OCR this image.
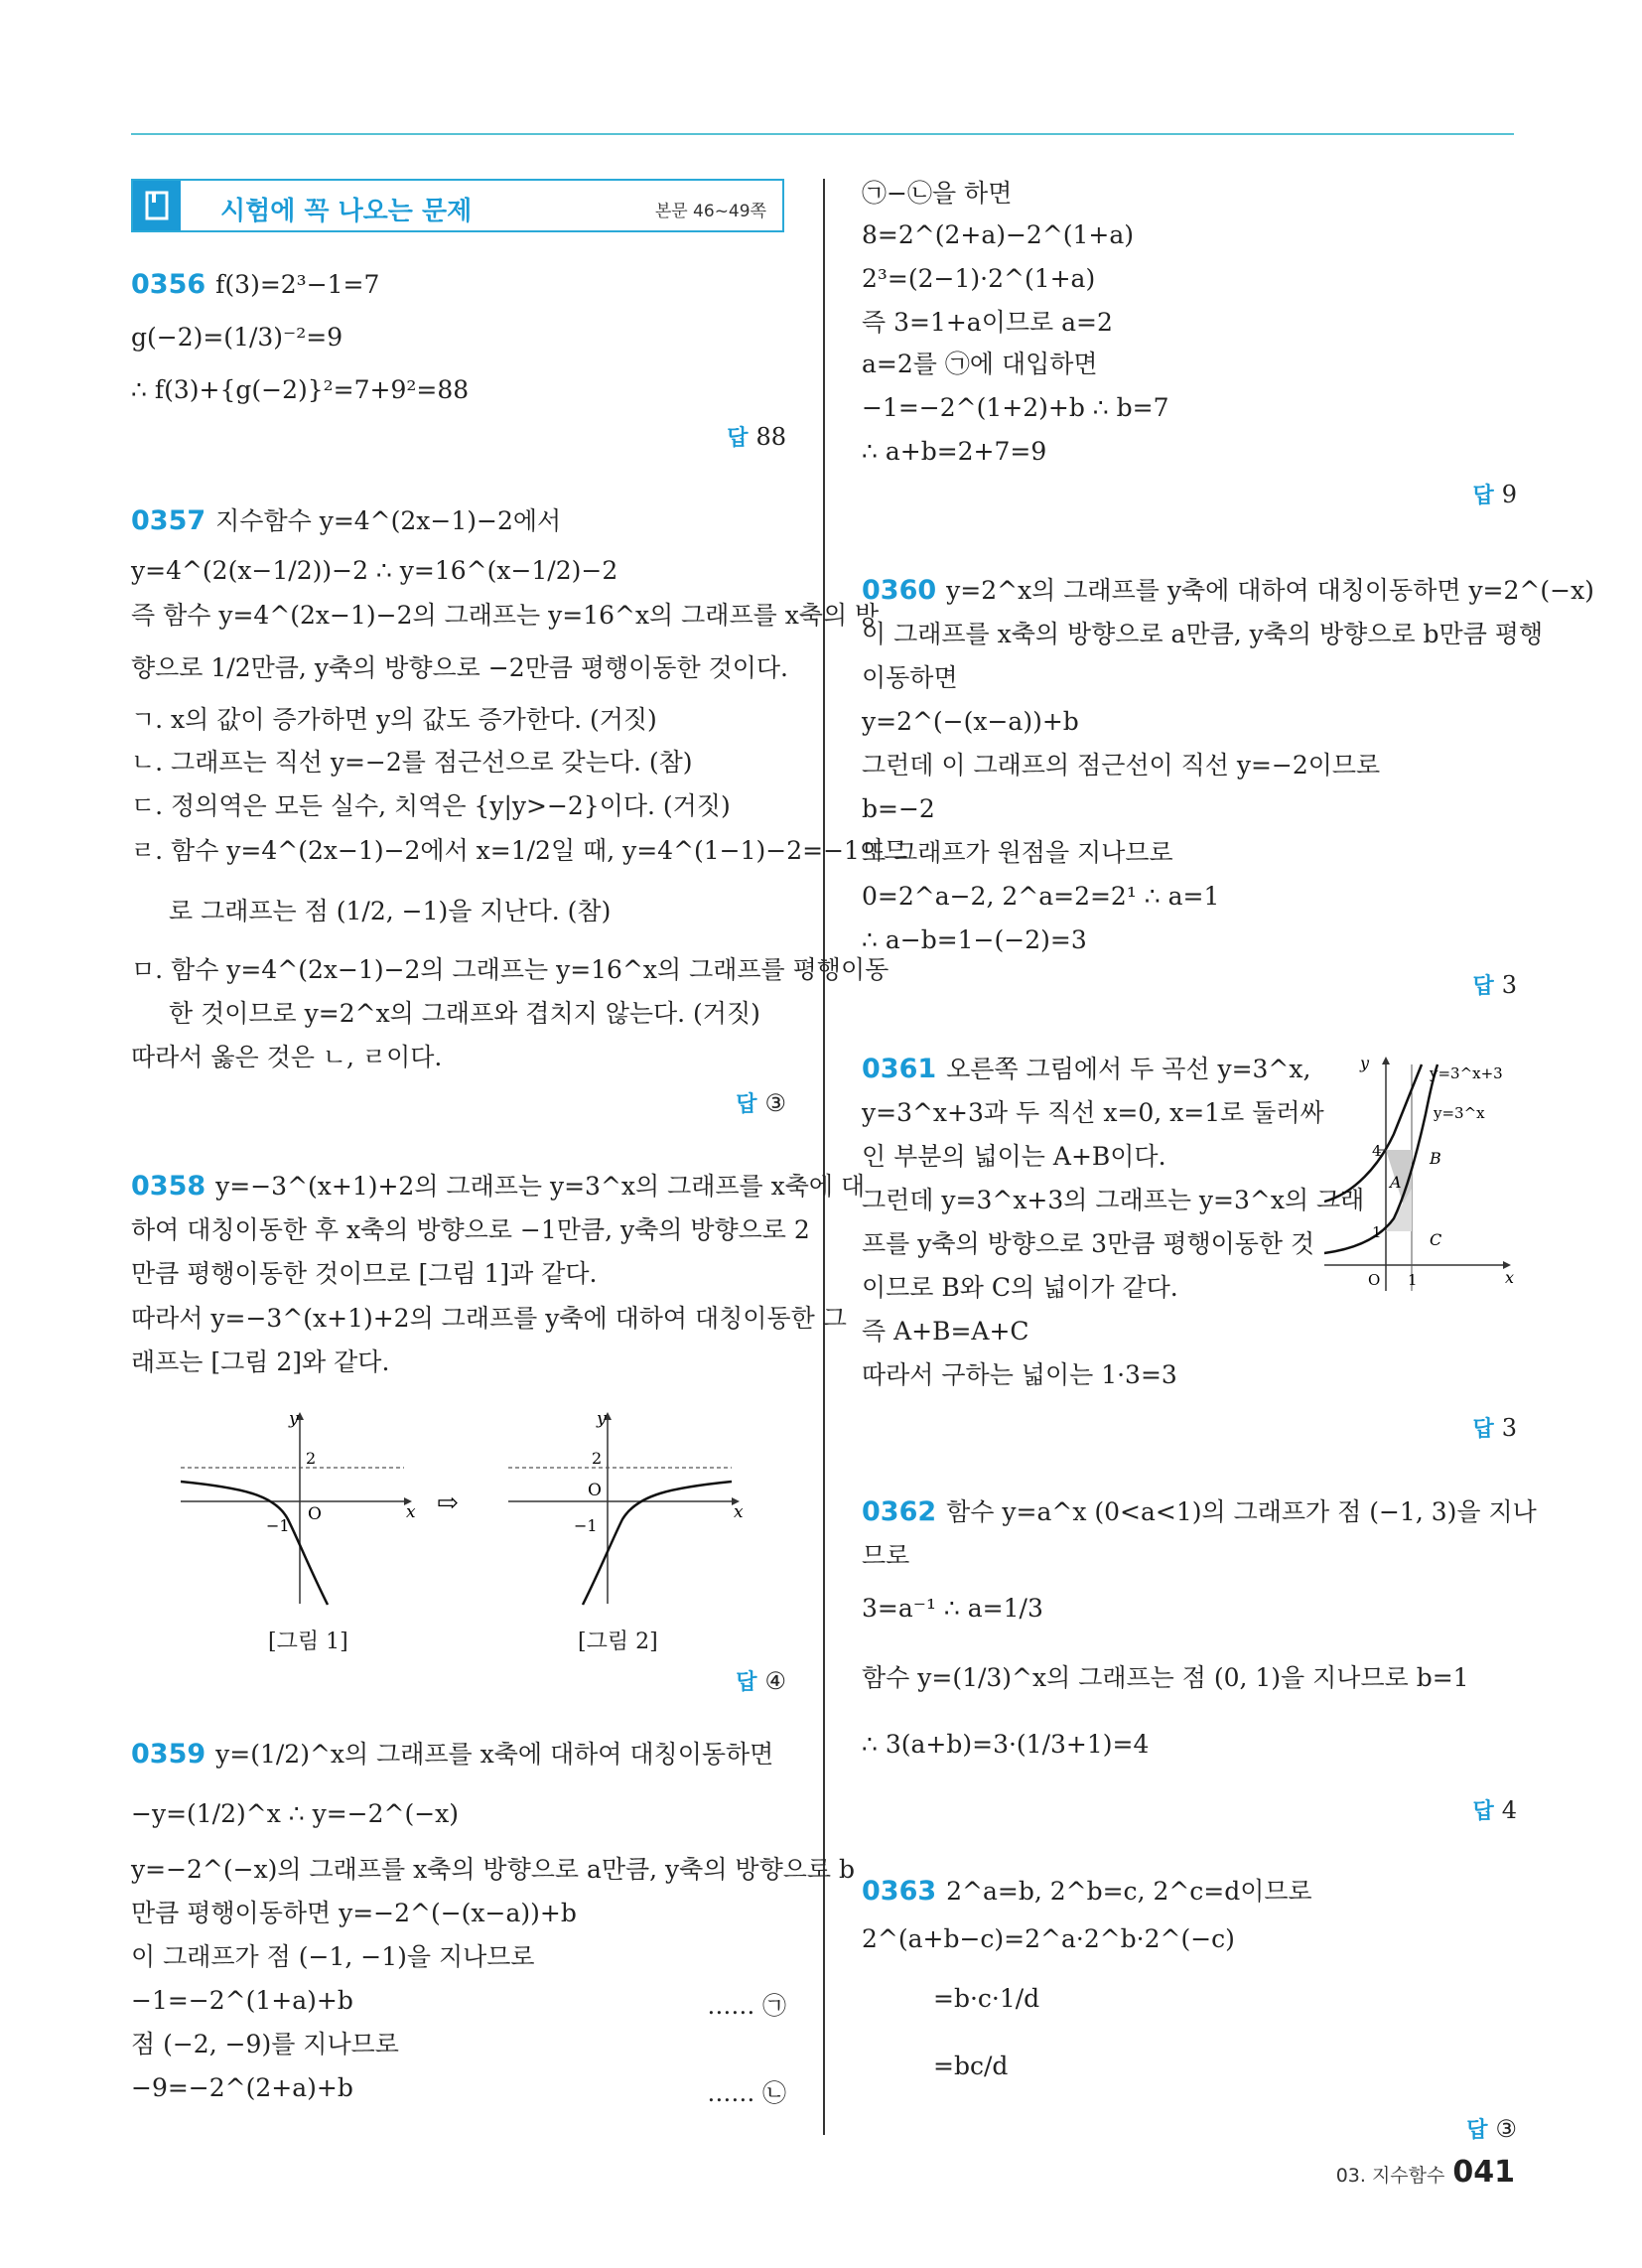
시험에 꼭 나오는 문제	본문 46~49쪽
0356 f(3)=2³−1=7
g(−2)=(1/3)⁻²=9
∴ f(3)+{g(−2)}²=7+9²=88
답 88
0357 지수함수 y=4^(2x−1)−2에서
y=4^(2(x−1/2))−2 ∴ y=16^(x−1/2)−2
즉 함수 y=4^(2x−1)−2의 그래프는 y=16^x의 그래프를 x축의 방
향으로 1/2만큼, y축의 방향으로 −2만큼 평행이동한 것이다.
ㄱ. x의 값이 증가하면 y의 값도 증가한다. (거짓)
ㄴ. 그래프는 직선 y=−2를 점근선으로 갖는다. (참)
ㄷ. 정의역은 모든 실수, 치역은 {y|y>−2}이다. (거짓)
ㄹ. 함수 y=4^(2x−1)−2에서 x=1/2일 때, y=4^(1−1)−2=−1이므
로 그래프는 점 (1/2, −1)을 지난다. (참)
ㅁ. 함수 y=4^(2x−1)−2의 그래프는 y=16^x의 그래프를 평행이동
한 것이므로 y=2^x의 그래프와 겹치지 않는다. (거짓)
따라서 옳은 것은 ㄴ, ㄹ이다.
답 ③
0358 y=−3^(x+1)+2의 그래프는 y=3^x의 그래프를 x축에 대
하여 대칭이동한 후 x축의 방향으로 −1만큼, y축의 방향으로 2
만큼 평행이동한 것이므로 [그림 1]과 같다.
따라서 y=−3^(x+1)+2의 그래프를 y축에 대하여 대칭이동한 그
래프는 [그림 2]와 같다.
y
x
2
O
−1
⇨
y
x
2
O
−1
[그림 1]	[그림 2]
답 ④
0359 y=(1/2)^x의 그래프를 x축에 대하여 대칭이동하면
−y=(1/2)^x ∴ y=−2^(−x)
y=−2^(−x)의 그래프를 x축의 방향으로 a만큼, y축의 방향으로 b
만큼 평행이동하면 y=−2^(−(x−a))+b
이 그래프가 점 (−1, −1)을 지나므로
−1=−2^(1+a)+b	…… ㉠
점 (−2, −9)를 지나므로
−9=−2^(2+a)+b	…… ㉡
㉠−㉡을 하면
8=2^(2+a)−2^(1+a)
2³=(2−1)·2^(1+a)
즉 3=1+a이므로 a=2
a=2를 ㉠에 대입하면
−1=−2^(1+2)+b ∴ b=7
∴ a+b=2+7=9
답 9
0360 y=2^x의 그래프를 y축에 대하여 대칭이동하면 y=2^(−x)
이 그래프를 x축의 방향으로 a만큼, y축의 방향으로 b만큼 평행
이동하면
y=2^(−(x−a))+b
그런데 이 그래프의 점근선이 직선 y=−2이므로
b=−2
또 그래프가 원점을 지나므로
0=2^a−2, 2^a=2=2¹ ∴ a=1
∴ a−b=1−(−2)=3
답 3
0361 오른쪽 그림에서 두 곡선 y=3^x,
y=3^x+3과 두 직선 x=0, x=1로 둘러싸
인 부분의 넓이는 A+B이다.
그런데 y=3^x+3의 그래프는 y=3^x의 그래
프를 y축의 방향으로 3만큼 평행이동한 것
이므로 B와 C의 넓이가 같다.
즉 A+B=A+C
따라서 구하는 넓이는 1·3=3
y
x
O 1
4
1
y=3^x+3
y=3^x
A
B
C
답 3
0362 함수 y=a^x (0<a<1)의 그래프가 점 (−1, 3)을 지나
므로
3=a⁻¹ ∴ a=1/3
함수 y=(1/3)^x의 그래프는 점 (0, 1)을 지나므로 b=1
∴ 3(a+b)=3·(1/3+1)=4
답 4
0363 2^a=b, 2^b=c, 2^c=d이므로
2^(a+b−c)=2^a·2^b·2^(−c)
=b·c·1/d
=bc/d
답 ③
03. 지수함수 041
